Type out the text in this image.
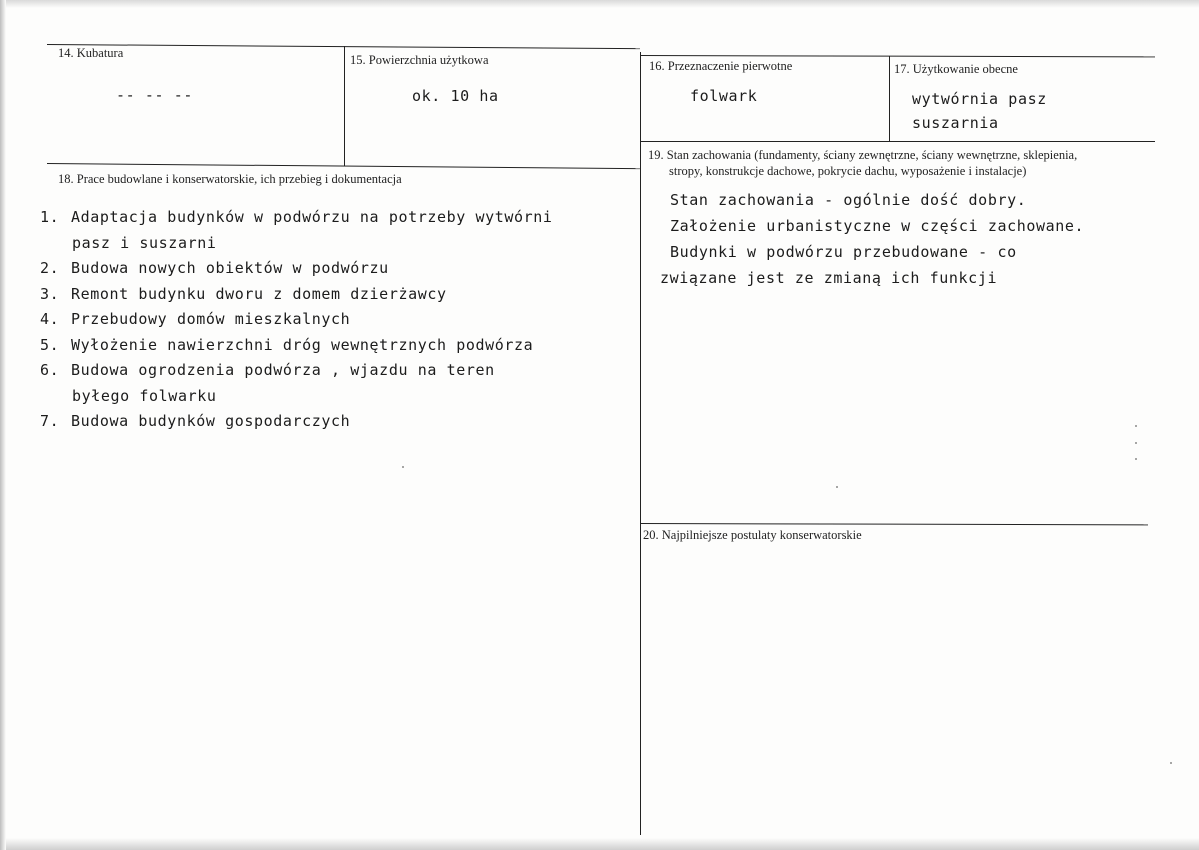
14. Kubatura
-- -- --
15. Powierzchnia użytkowa
ok. 10 ha
16. Przeznaczenie pierwotne
folwark
17. Użytkowanie obecne
wytwórnia pasz
suszarnia
18. Prace budowlane i konserwatorskie, ich przebieg i dokumentacja
1. Adaptacja budynków w podwórzu na potrzeby wytwórni
pasz i suszarni
2. Budowa nowych obiektów w podwórzu
3. Remont budynku dworu z domem dzierżawcy
4. Przebudowy domów mieszkalnych
5. Wyłożenie nawierzchni dróg wewnętrznych podwórza
6. Budowa ogrodzenia podwórza , wjazdu na teren
byłego folwarku
7. Budowa budynków gospodarczych
19. Stan zachowania (fundamenty, ściany zewnętrzne, ściany wewnętrzne, sklepienia,
stropy, konstrukcje dachowe, pokrycie dachu, wyposażenie i instalacje)
Stan zachowania - ogólnie dość dobry.
Założenie urbanistyczne w części zachowane.
Budynki w podwórzu przebudowane - co
związane jest ze zmianą ich funkcji
20. Najpilniejsze postulaty konserwatorskie
